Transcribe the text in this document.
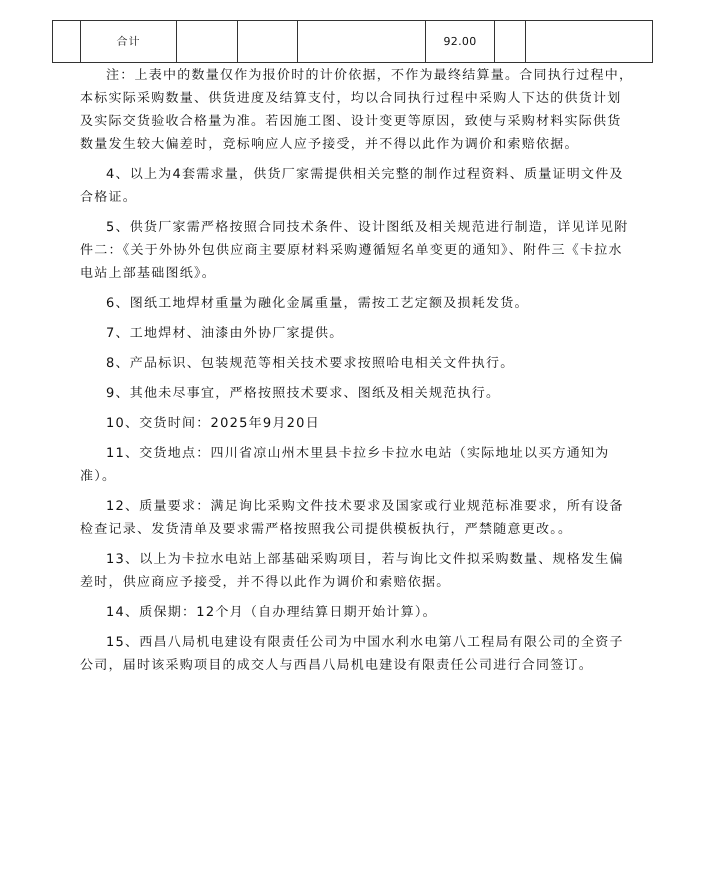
	合计				92.00		

注：上表中的数量仅作为报价时的计价依据，不作为最终结算量。合同执行过程中，本标实际采购数量、供货进度及结算支付，均以合同执行过程中采购人下达的供货计划及实际交货验收合格量为准。若因施工图、设计变更等原因，致使与采购材料实际供货数量发生较大偏差时，竞标响应人应予接受，并不得以此作为调价和索赔依据。

4、以上为4套需求量，供货厂家需提供相关完整的制作过程资料、质量证明文件及合格证。

5、供货厂家需严格按照合同技术条件、设计图纸及相关规范进行制造，详见详见附件二：《关于外协外包供应商主要原材料采购遵循短名单变更的通知》、附件三《卡拉水电站上部基础图纸》。

6、图纸工地焊材重量为融化金属重量，需按工艺定额及损耗发货。

7、工地焊材、油漆由外协厂家提供。

8、产品标识、包装规范等相关技术要求按照哈电相关文件执行。

9、其他未尽事宜，严格按照技术要求、图纸及相关规范执行。

10、交货时间：2025年9月20日

11、交货地点：四川省凉山州木里县卡拉乡卡拉水电站（实际地址以买方通知为准）。

12、质量要求：满足询比采购文件技术要求及国家或行业规范标准要求，所有设备检查记录、发货清单及要求需严格按照我公司提供模板执行，严禁随意更改。。

13、以上为卡拉水电站上部基础采购项目，若与询比文件拟采购数量、规格发生偏差时，供应商应予接受，并不得以此作为调价和索赔依据。

14、质保期：12个月（自办理结算日期开始计算）。

15、西昌八局机电建设有限责任公司为中国水利水电第八工程局有限公司的全资子公司，届时该采购项目的成交人与西昌八局机电建设有限责任公司进行合同签订。
